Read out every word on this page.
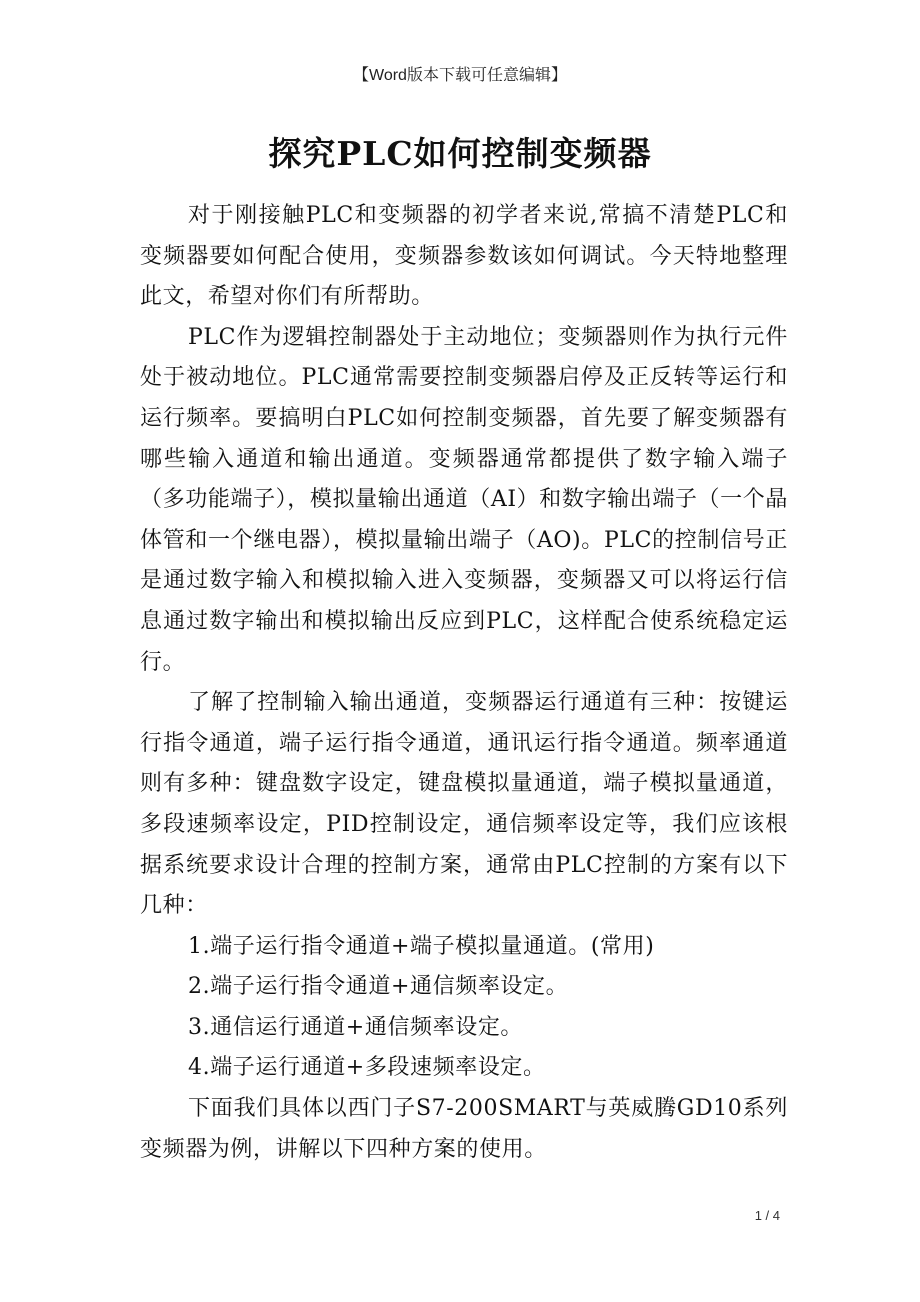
【Word版本下载可任意编辑】
探究PLC如何控制变频器

对于刚接触PLC和变频器的初学者来说,常搞不清楚PLC和变频器要如何配合使用，变频器参数该如何调试。今天特地整理此文，希望对你们有所帮助。

PLC作为逻辑控制器处于主动地位；变频器则作为执行元件处于被动地位。PLC通常需要控制变频器启停及正反转等运行和运行频率。要搞明白PLC如何控制变频器，首先要了解变频器有哪些输入通道和输出通道。变频器通常都提供了数字输入端子（多功能端子），模拟量输出通道（AI）和数字输出端子（一个晶体管和一个继电器），模拟量输出端子（AO)。PLC的控制信号正是通过数字输入和模拟输入进入变频器，变频器又可以将运行信息通过数字输出和模拟输出反应到PLC，这样配合使系统稳定运行。

了解了控制输入输出通道，变频器运行通道有三种：按键运行指令通道，端子运行指令通道，通讯运行指令通道。频率通道则有多种：键盘数字设定，键盘模拟量通道，端子模拟量通道，多段速频率设定，PID控制设定，通信频率设定等，我们应该根据系统要求设计合理的控制方案，通常由PLC控制的方案有以下几种：

1.端子运行指令通道+端子模拟量通道。(常用)

2.端子运行指令通道+通信频率设定。

3.通信运行通道+通信频率设定。

4.端子运行通道+多段速频率设定。

下面我们具体以西门子S7-200SMART与英威腾GD10系列变频器为例，讲解以下四种方案的使用。

1 / 4
